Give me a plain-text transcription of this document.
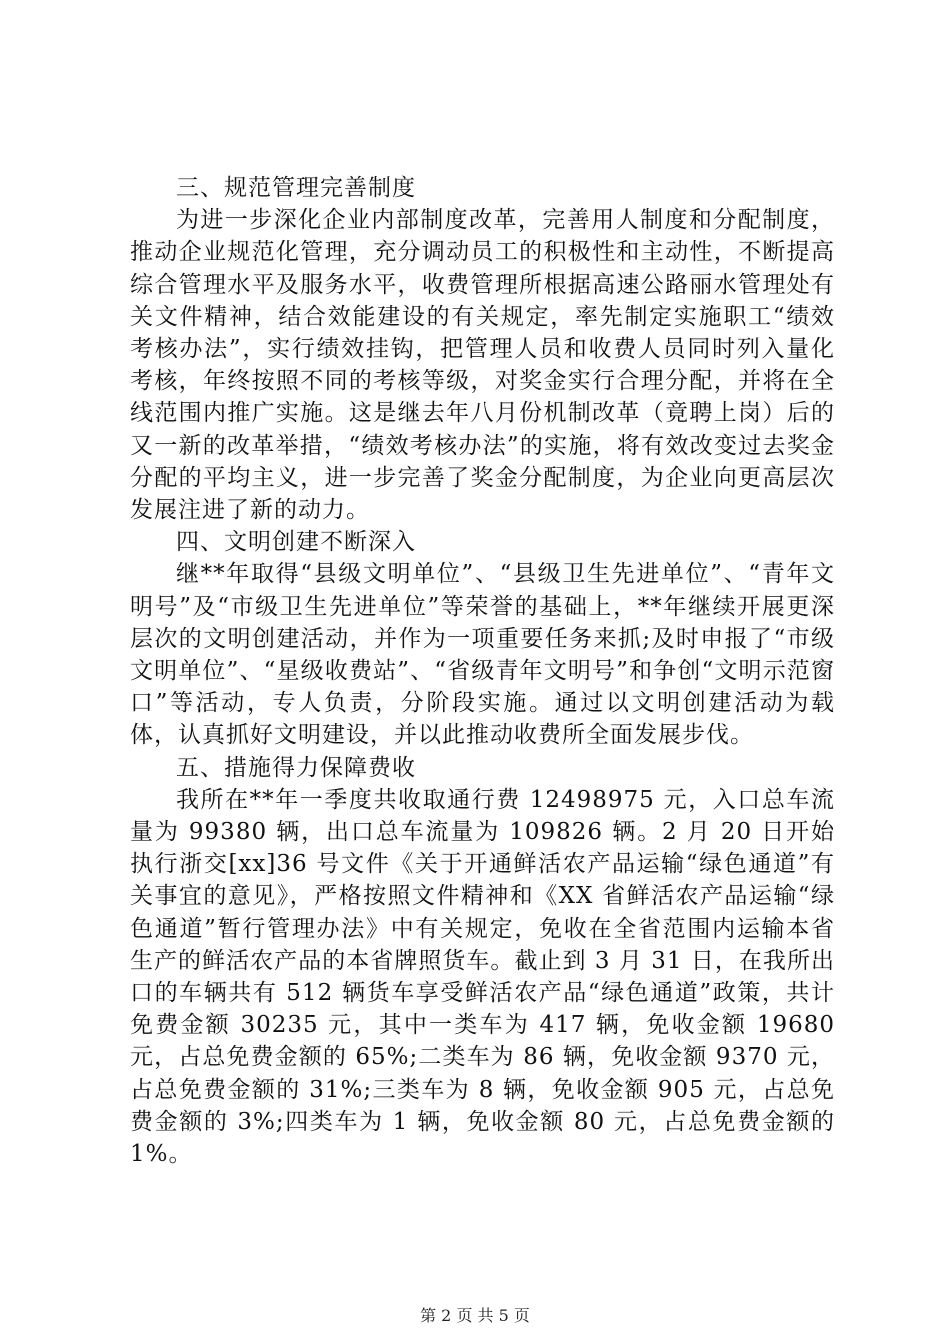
三、规范管理完善制度

为进一步深化企业内部制度改革，完善用人制度和分配制度，推动企业规范化管理，充分调动员工的积极性和主动性，不断提高综合管理水平及服务水平，收费管理所根据高速公路丽水管理处有关文件精神，结合效能建设的有关规定，率先制定实施职工“绩效考核办法”，实行绩效挂钩，把管理人员和收费人员同时列入量化考核，年终按照不同的考核等级，对奖金实行合理分配，并将在全线范围内推广实施。这是继去年八月份机制改革（竟聘上岗）后的又一新的改革举措，“绩效考核办法”的实施，将有效改变过去奖金分配的平均主义，进一步完善了奖金分配制度，为企业向更高层次发展注进了新的动力。

四、文明创建不断深入

继**年取得“县级文明单位”、“县级卫生先进单位”、“青年文明号”及“市级卫生先进单位”等荣誉的基础上，**年继续开展更深层次的文明创建活动，并作为一项重要任务来抓;及时申报了“市级文明单位”、“星级收费站”、“省级青年文明号”和争创“文明示范窗口”等活动，专人负责，分阶段实施。通过以文明创建活动为载体，认真抓好文明建设，并以此推动收费所全面发展步伐。

五、措施得力保障费收

我所在**年一季度共收取通行费 12498975 元，入口总车流量为 99380 辆，出口总车流量为 109826 辆。2 月 20 日开始执行浙交[xx]36 号文件《关于开通鲜活农产品运输“绿色通道”有关事宜的意见》，严格按照文件精神和《XX 省鲜活农产品运输“绿色通道”暂行管理办法》中有关规定，免收在全省范围内运输本省生产的鲜活农产品的本省牌照货车。截止到 3 月 31 日，在我所出口的车辆共有 512 辆货车享受鲜活农产品“绿色通道”政策，共计免费金额 30235 元，其中一类车为 417 辆，免收金额 19680 元，占总免费金额的 65%;二类车为 86 辆，免收金额 9370 元，占总免费金额的 31%;三类车为 8 辆，免收金额 905 元，占总免费金额的 3%;四类车为 1 辆，免收金额 80 元，占总免费金额的 1%。

第 2 页 共 5 页
